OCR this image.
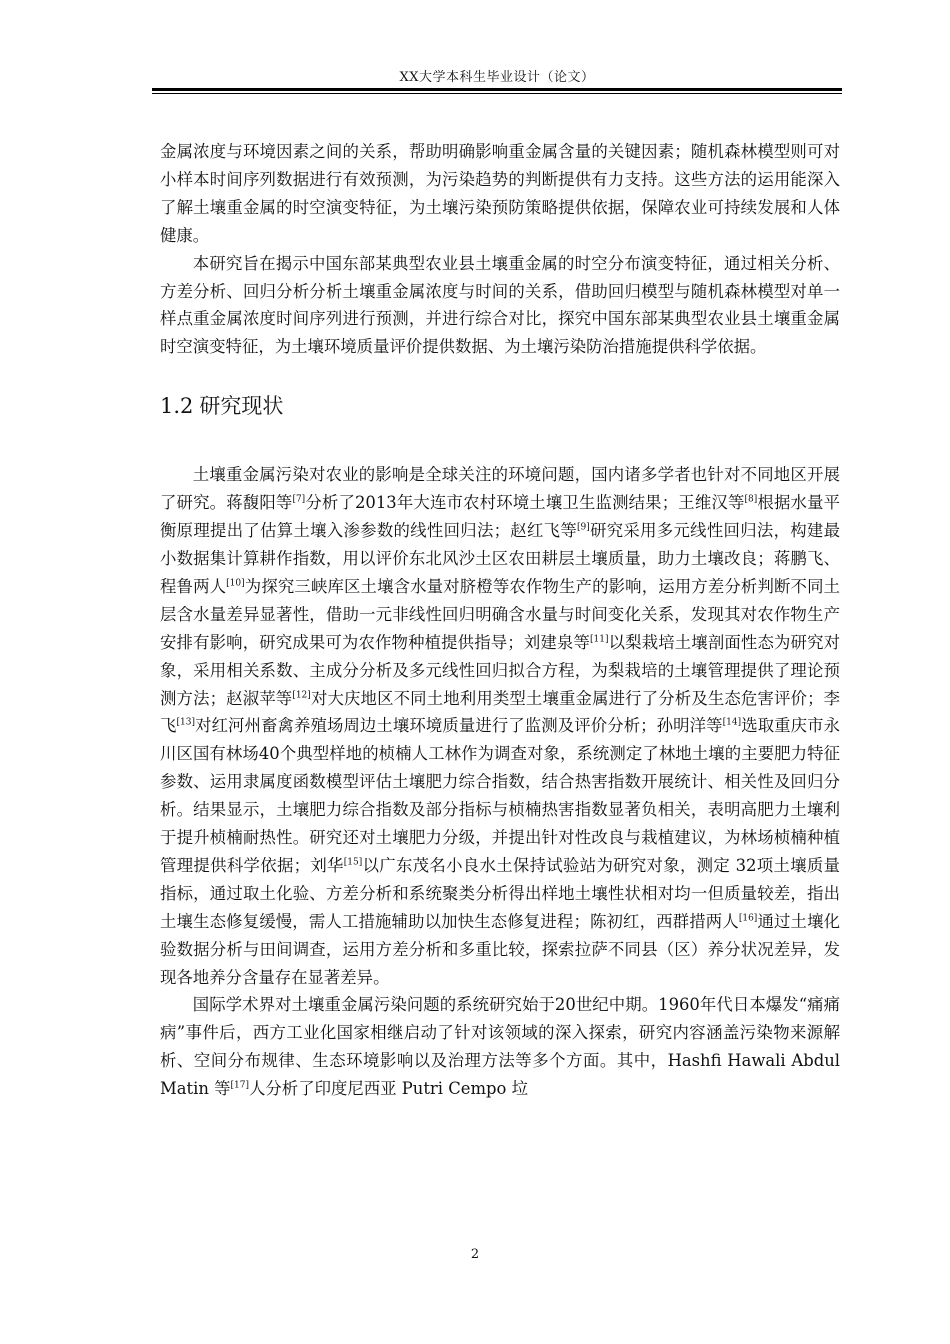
XX大学本科生毕业设计（论文）

金属浓度与环境因素之间的关系，帮助明确影响重金属含量的关键因素；随机森林模型则可对小样本时间序列数据进行有效预测，为污染趋势的判断提供有力支持。这些方法的运用能深入了解土壤重金属的时空演变特征，为土壤污染预防策略提供依据，保障农业可持续发展和人体健康。

本研究旨在揭示中国东部某典型农业县土壤重金属的时空分布演变特征，通过相关分析、方差分析、回归分析分析土壤重金属浓度与时间的关系，借助回归模型与随机森林模型对单一样点重金属浓度时间序列进行预测，并进行综合对比，探究中国东部某典型农业县土壤重金属时空演变特征，为土壤环境质量评价提供数据、为土壤污染防治措施提供科学依据。

1.2 研究现状

土壤重金属污染对农业的影响是全球关注的环境问题，国内诸多学者也针对不同地区开展了研究。蒋馥阳等[7]分析了2013年大连市农村环境土壤卫生监测结果；王维汉等[8]根据水量平衡原理提出了估算土壤入渗参数的线性回归法；赵红飞等[9]研究采用多元线性回归法，构建最小数据集计算耕作指数，用以评价东北风沙土区农田耕层土壤质量，助力土壤改良；蒋鹏飞、程鲁两人[10]为探究三峡库区土壤含水量对脐橙等农作物生产的影响，运用方差分析判断不同土层含水量差异显著性，借助一元非线性回归明确含水量与时间变化关系，发现其对农作物生产安排有影响，研究成果可为农作物种植提供指导；刘建泉等[11]以梨栽培土壤剖面性态为研究对象，采用相关系数、主成分分析及多元线性回归拟合方程，为梨栽培的土壤管理提供了理论预测方法；赵淑苹等[12]对大庆地区不同土地利用类型土壤重金属进行了分析及生态危害评价；李飞[13]对红河州畜禽养殖场周边土壤环境质量进行了监测及评价分析；孙明洋等[14]选取重庆市永川区国有林场40个典型样地的桢楠人工林作为调查对象，系统测定了林地土壤的主要肥力特征参数、运用隶属度函数模型评估土壤肥力综合指数，结合热害指数开展统计、相关性及回归分析。结果显示，土壤肥力综合指数及部分指标与桢楠热害指数显著负相关，表明高肥力土壤利于提升桢楠耐热性。研究还对土壤肥力分级，并提出针对性改良与栽植建议，为林场桢楠种植管理提供科学依据；刘华[15]以广东茂名小良水土保持试验站为研究对象，测定 32项土壤质量指标，通过取土化验、方差分析和系统聚类分析得出样地土壤性状相对均一但质量较差，指出土壤生态修复缓慢，需人工措施辅助以加快生态修复进程；陈初红，西群措两人[16]通过土壤化验数据分析与田间调查，运用方差分析和多重比较，探索拉萨不同县（区）养分状况差异，发现各地养分含量存在显著差异。

国际学术界对土壤重金属污染问题的系统研究始于20世纪中期。1960年代日本爆发“痛痛病”事件后，西方工业化国家相继启动了针对该领域的深入探索，研究内容涵盖污染物来源解析、空间分布规律、生态环境影响以及治理方法等多个方面。其中，Hashfi Hawali Abdul Matin 等[17]人分析了印度尼西亚 Putri Cempo 垃

2
